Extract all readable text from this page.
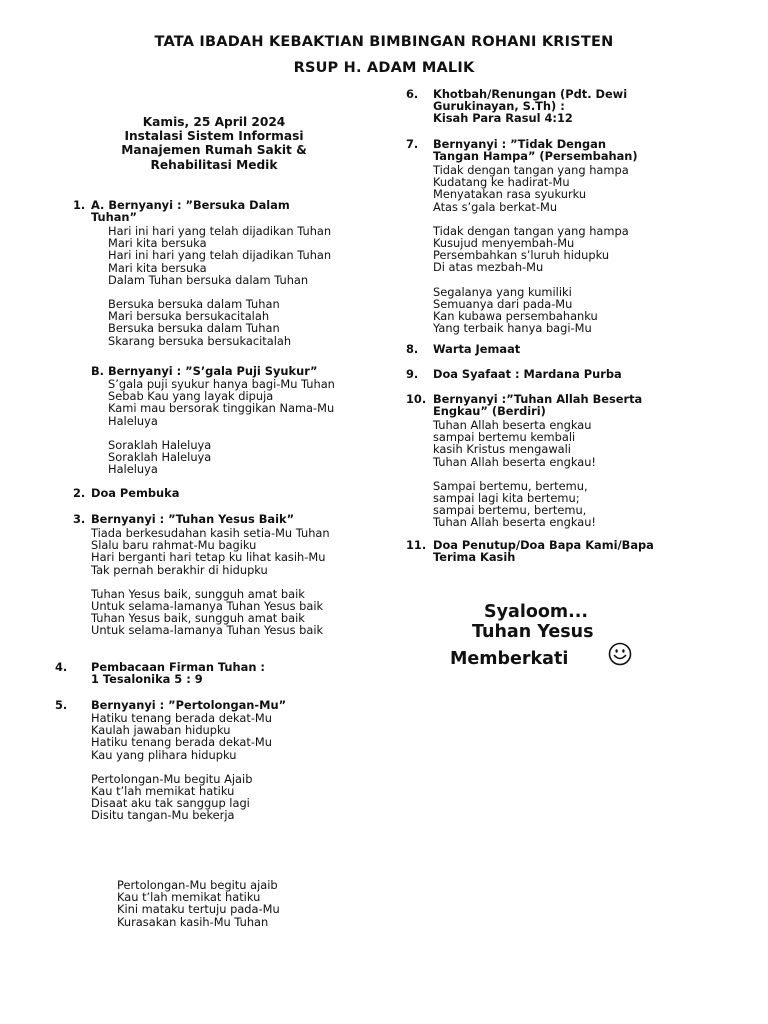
TATA IBADAH KEBAKTIAN BIMBINGAN ROHANI KRISTEN
RSUP H. ADAM MALIK
Kamis, 25 April 2024
Instalasi Sistem Informasi
Manajemen Rumah Sakit &
Rehabilitasi Medik
1. A. Bernyanyi : ”Bersuka Dalam
Tuhan”
Hari ini hari yang telah dijadikan Tuhan
Mari kita bersuka
Hari ini hari yang telah dijadikan Tuhan
Mari kita bersuka
Dalam Tuhan bersuka dalam Tuhan
Bersuka bersuka dalam Tuhan
Mari bersuka bersukacitalah
Bersuka bersuka dalam Tuhan
Skarang bersuka bersukacitalah
B. Bernyanyi : ”S’gala Puji Syukur”
S’gala puji syukur hanya bagi-Mu Tuhan
Sebab Kau yang layak dipuja
Kami mau bersorak tinggikan Nama-Mu
Haleluya
Soraklah Haleluya
Soraklah Haleluya
Haleluya
2. Doa Pembuka
3. Bernyanyi : ”Tuhan Yesus Baik”
Tiada berkesudahan kasih setia-Mu Tuhan
Slalu baru rahmat-Mu bagiku
Hari berganti hari tetap ku lihat kasih-Mu
Tak pernah berakhir di hidupku
Tuhan Yesus baik, sungguh amat baik
Untuk selama-lamanya Tuhan Yesus baik
Tuhan Yesus baik, sungguh amat baik
Untuk selama-lamanya Tuhan Yesus baik
4. Pembacaan Firman Tuhan :
1 Tesalonika 5 : 9
5. Bernyanyi : ”Pertolongan-Mu”
Hatiku tenang berada dekat-Mu
Kaulah jawaban hidupku
Hatiku tenang berada dekat-Mu
Kau yang plihara hidupku
Pertolongan-Mu begitu Ajaib
Kau t’lah memikat hatiku
Disaat aku tak sanggup lagi
Disitu tangan-Mu bekerja
Pertolongan-Mu begitu ajaib
Kau t’lah memikat hatiku
Kini mataku tertuju pada-Mu
Kurasakan kasih-Mu Tuhan
6. Khotbah/Renungan (Pdt. Dewi
Gurukinayan, S.Th) :
Kisah Para Rasul 4:12
7. Bernyanyi : ”Tidak Dengan
Tangan Hampa” (Persembahan)
Tidak dengan tangan yang hampa
Kudatang ke hadirat-Mu
Menyatakan rasa syukurku
Atas s’gala berkat-Mu
Tidak dengan tangan yang hampa
Kusujud menyembah-Mu
Persembahkan s’luruh hidupku
Di atas mezbah-Mu
Segalanya yang kumiliki
Semuanya dari pada-Mu
Kan kubawa persembahanku
Yang terbaik hanya bagi-Mu
8. Warta Jemaat
9. Doa Syafaat : Mardana Purba
10. Bernyanyi :”Tuhan Allah Beserta
Engkau” (Berdiri)
Tuhan Allah beserta engkau
sampai bertemu kembali
kasih Kristus mengawali
Tuhan Allah beserta engkau!
Sampai bertemu, bertemu,
sampai lagi kita bertemu;
sampai bertemu, bertemu,
Tuhan Allah beserta engkau!
11. Doa Penutup/Doa Bapa Kami/Bapa
Terima Kasih
Syaloom...
Tuhan Yesus
Memberkati
